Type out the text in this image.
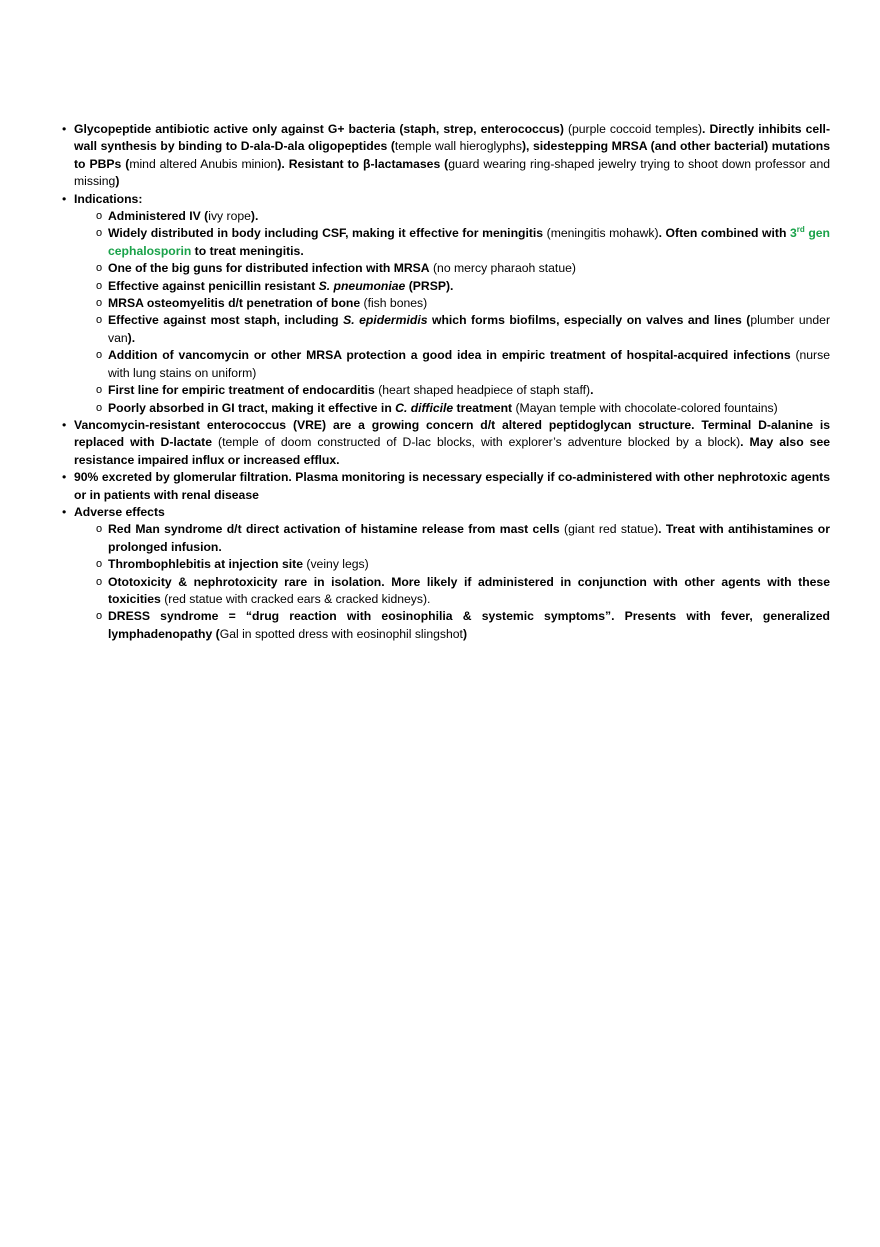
• Glycopeptide antibiotic active only against G+ bacteria (staph, strep, enterococcus) (purple coccoid temples). Directly inhibits cell-wall synthesis by binding to D-ala-D-ala oligopeptides (temple wall hieroglyphs), sidestepping MRSA (and other bacterial) mutations to PBPs (mind altered Anubis minion). Resistant to β-lactamases (guard wearing ring-shaped jewelry trying to shoot down professor and missing)
• Indications:
o Administered IV (ivy rope).
o Widely distributed in body including CSF, making it effective for meningitis (meningitis mohawk). Often combined with 3rd gen cephalosporin to treat meningitis.
o One of the big guns for distributed infection with MRSA (no mercy pharaoh statue)
o Effective against penicillin resistant S. pneumoniae (PRSP).
o MRSA osteomyelitis d/t penetration of bone (fish bones)
o Effective against most staph, including S. epidermidis which forms biofilms, especially on valves and lines (plumber under van).
o Addition of vancomycin or other MRSA protection a good idea in empiric treatment of hospital-acquired infections (nurse with lung stains on uniform)
o First line for empiric treatment of endocarditis (heart shaped headpiece of staph staff).
o Poorly absorbed in GI tract, making it effective in C. difficile treatment (Mayan temple with chocolate-colored fountains)
• Vancomycin-resistant enterococcus (VRE) are a growing concern d/t altered peptidoglycan structure. Terminal D-alanine is replaced with D-lactate (temple of doom constructed of D-lac blocks, with explorer’s adventure blocked by a block). May also see resistance impaired influx or increased efflux.
• 90% excreted by glomerular filtration. Plasma monitoring is necessary especially if co-administered with other nephrotoxic agents or in patients with renal disease
• Adverse effects
o Red Man syndrome d/t direct activation of histamine release from mast cells (giant red statue). Treat with antihistamines or prolonged infusion.
o Thrombophlebitis at injection site (veiny legs)
o Ototoxicity & nephrotoxicity rare in isolation. More likely if administered in conjunction with other agents with these toxicities (red statue with cracked ears & cracked kidneys).
o DRESS syndrome = “drug reaction with eosinophilia & systemic symptoms”. Presents with fever, generalized lymphadenopathy (Gal in spotted dress with eosinophil slingshot)
